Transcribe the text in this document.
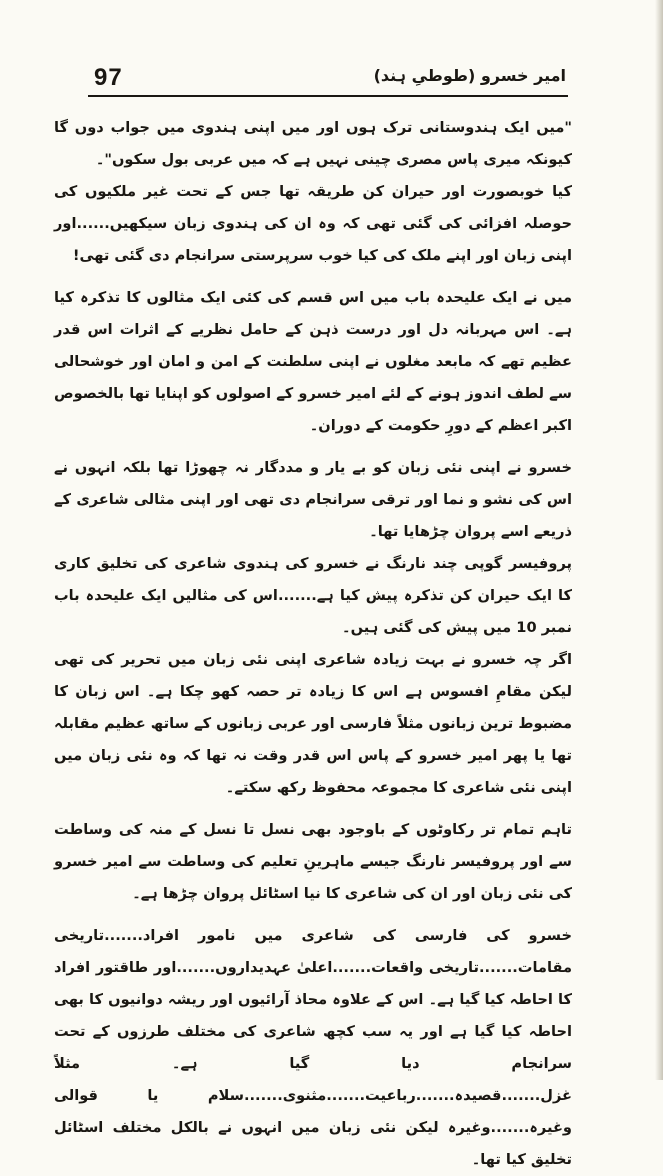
97	امیر خسرو (طوطیِ ہند)

"میں ایک ہندوستانی ترک ہوں اور میں اپنی ہندوی میں جواب دوں گا کیونکہ میری پاس مصری چینی نہیں ہے کہ میں عربی بول سکوں"۔

کیا خوبصورت اور حیران کن طریقہ تھا جس کے تحت غیر ملکیوں کی حوصلہ افزائی کی گئی تھی کہ وہ ان کی ہندوی زبان سیکھیں......اور اپنی زبان اور اپنے ملک کی کیا خوب سرپرستی سرانجام دی گئی تھی!

میں نے ایک علیحدہ باب میں اس قسم کی کئی ایک مثالوں کا تذکرہ کیا ہے۔ اس مہربانہ دل اور درست ذہن کے حامل نظریے کے اثرات اس قدر عظیم تھے کہ مابعد مغلوں نے اپنی سلطنت کے امن و امان اور خوشحالی سے لطف اندوز ہونے کے لئے امیر خسرو کے اصولوں کو اپنایا تھا بالخصوص اکبر اعظم کے دورِ حکومت کے دوران۔

خسرو نے اپنی نئی زبان کو بے یار و مددگار نہ چھوڑا تھا بلکہ انہوں نے اس کی نشو و نما اور ترقی سرانجام دی تھی اور اپنی مثالی شاعری کے ذریعے اسے پروان چڑھایا تھا۔

پروفیسر گوپی چند نارنگ نے خسرو کی ہندوی شاعری کی تخلیق کاری کا ایک حیران کن تذکرہ پیش کیا ہے.......اس کی مثالیں ایک علیحدہ باب نمبر 10 میں پیش کی گئی ہیں۔

اگر چہ خسرو نے بہت زیادہ شاعری اپنی نئی زبان میں تحریر کی تھی لیکن مقامِ افسوس ہے اس کا زیادہ تر حصہ کھو چکا ہے۔ اس زبان کا مضبوط ترین زبانوں مثلاً فارسی اور عربی زبانوں کے ساتھ عظیم مقابلہ تھا یا پھر امیر خسرو کے پاس اس قدر وقت نہ تھا کہ وہ نئی زبان میں اپنی نئی شاعری کا مجموعہ محفوظ رکھ سکتے۔

تاہم تمام تر رکاوٹوں کے باوجود بھی نسل تا نسل کے منہ کی وساطت سے اور پروفیسر نارنگ جیسے ماہرینِ تعلیم کی وساطت سے امیر خسرو کی نئی زبان اور ان کی شاعری کا نیا اسٹائل پروان چڑھا ہے۔

خسرو کی فارسی کی شاعری میں نامور افراد.......تاریخی مقامات.......تاریخی واقعات.......اعلیٰ عہدیداروں.......اور طاقتور افراد کا احاطہ کیا گیا ہے۔ اس کے علاوہ محاذ آرائیوں اور ریشہ دوانیوں کا بھی احاطہ کیا گیا ہے اور یہ سب کچھ شاعری کی مختلف طرزوں کے تحت سرانجام دیا گیا ہے۔ مثلاً غزل.......قصیدہ.......رباعیت.......مثنوی.......سلام یا قوالی وغیرہ.......وغیرہ لیکن نئی زبان میں انہوں نے بالکل مختلف اسٹائل تخلیق کیا تھا۔
